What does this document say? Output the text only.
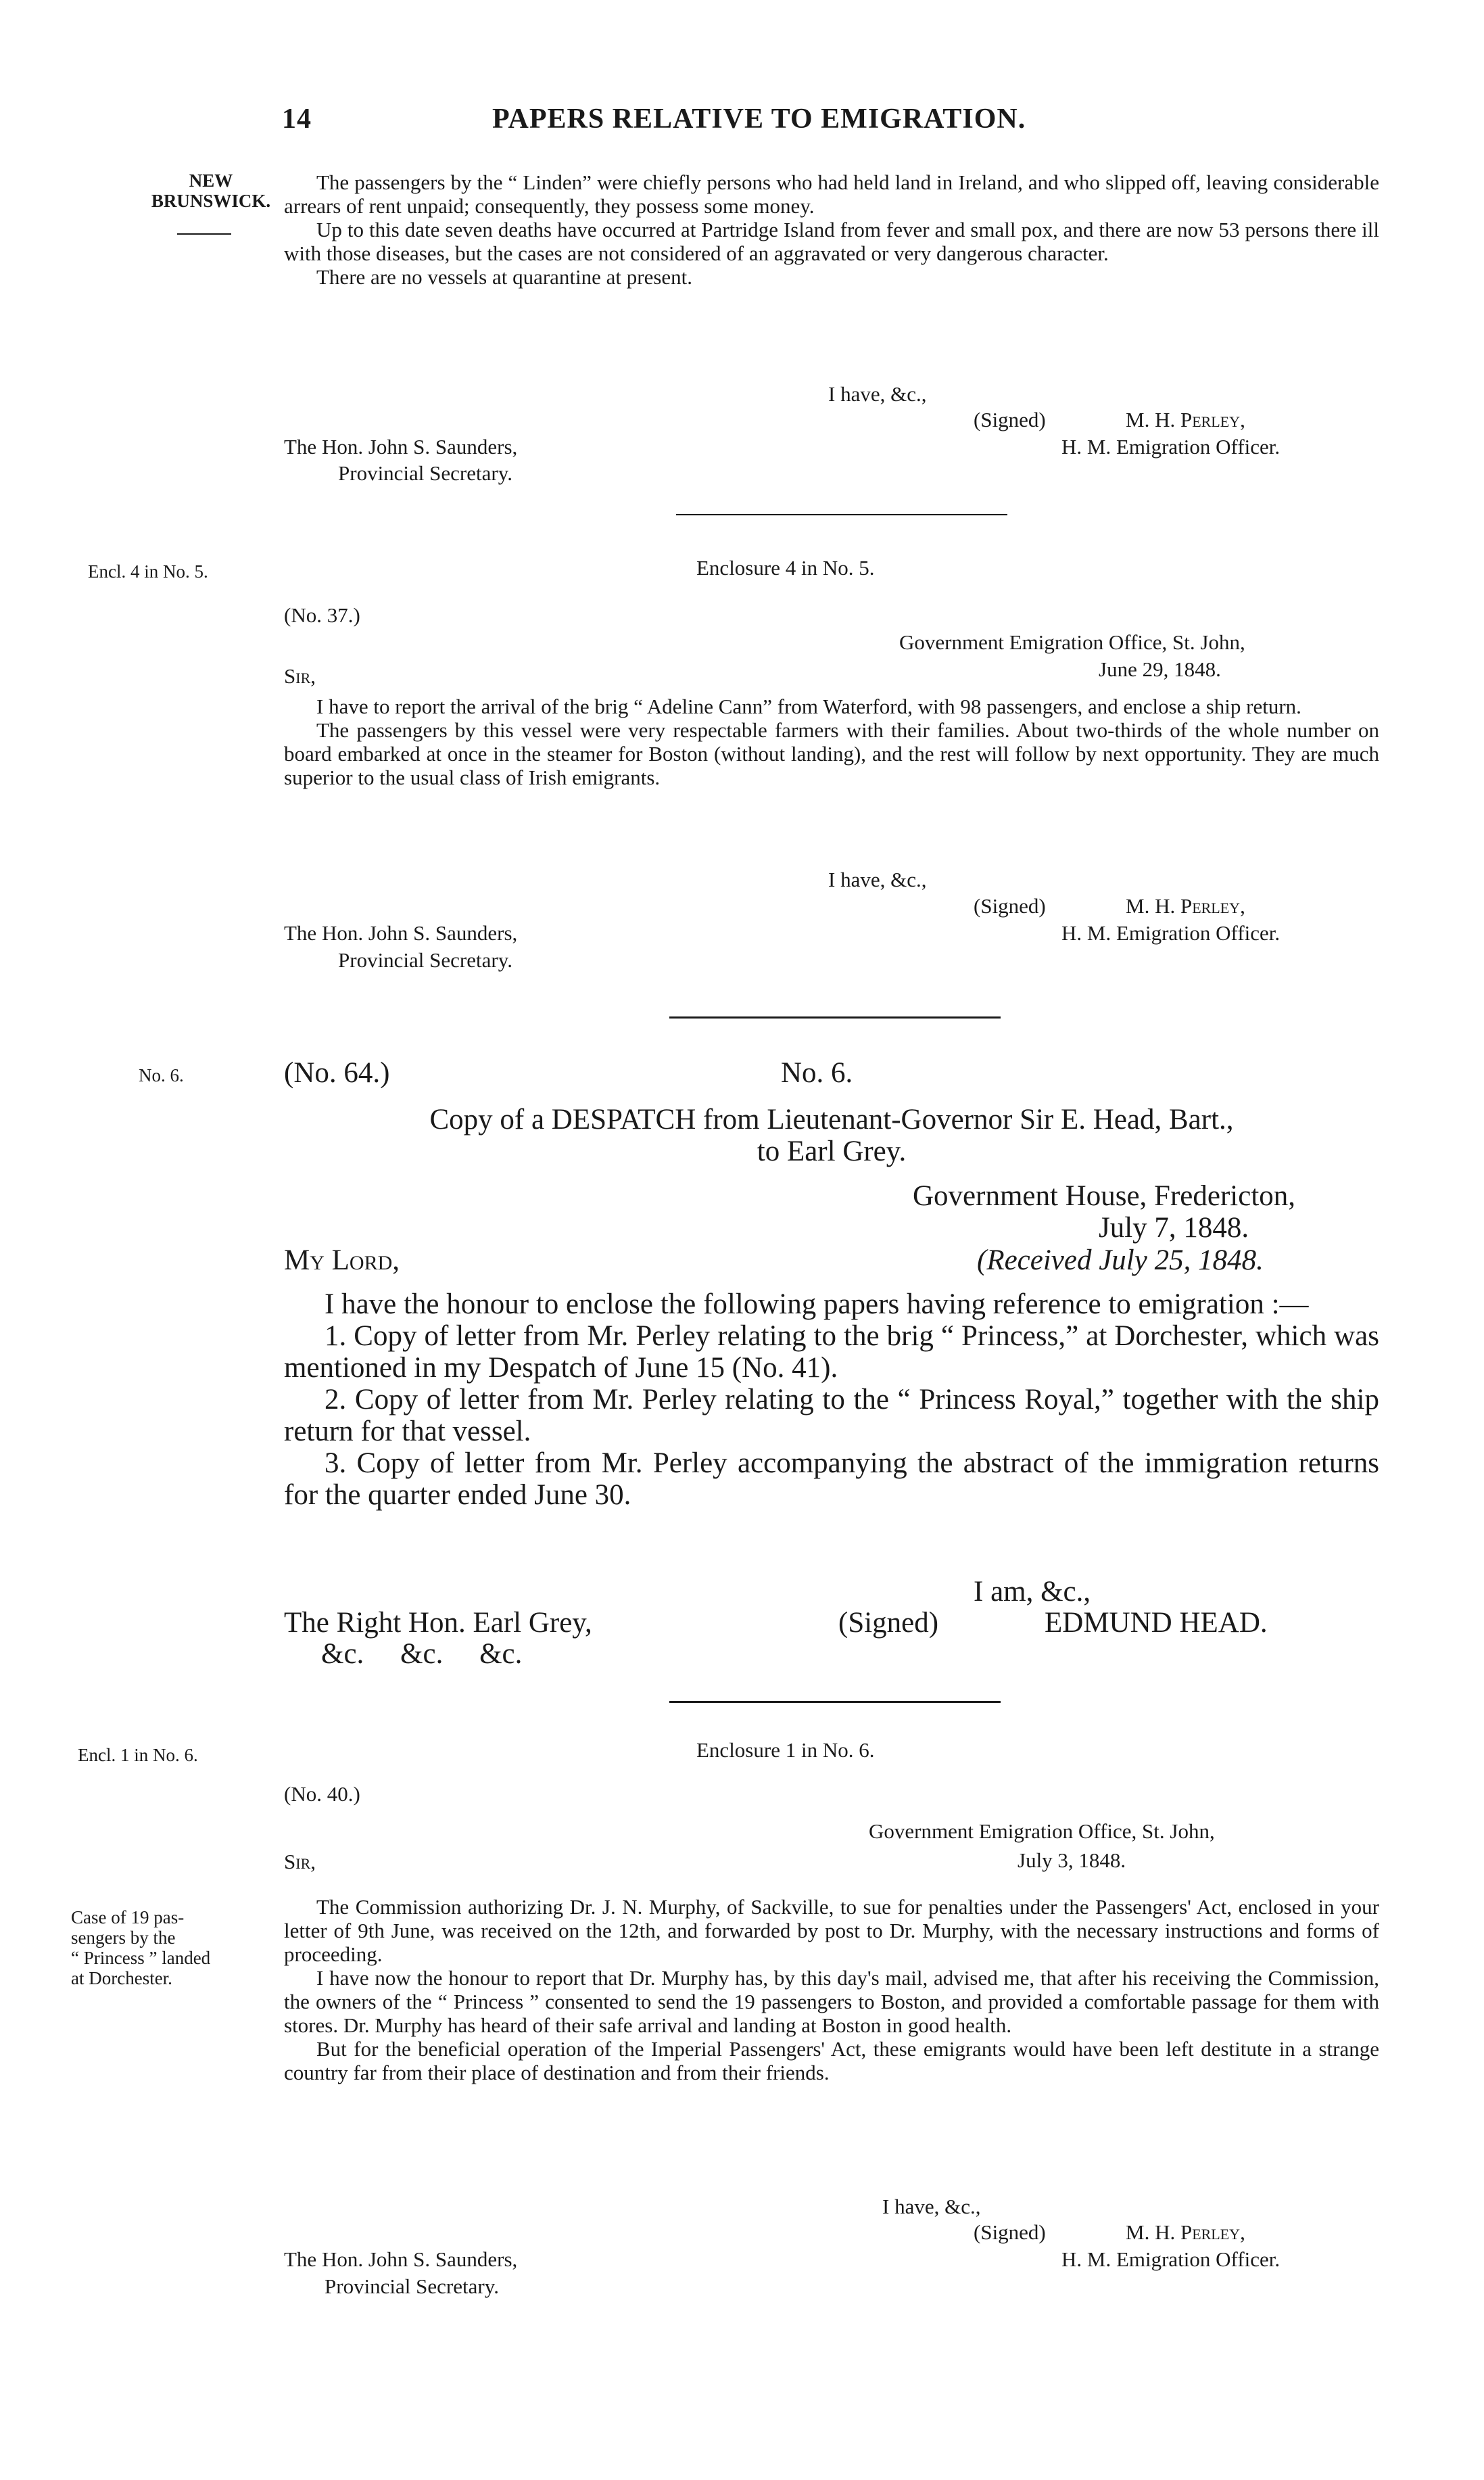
14	PAPERS RELATIVE TO EMIGRATION.
NEW
BRUNSWICK.
Encl. 4 in No. 5.
No. 6.
Encl. 1 in No. 6.
Case of 19 pas-
sengers by the
“ Princess ” landed
at Dorchester.

The passengers by the “ Linden” were chiefly persons who had held land in Ireland, and who slipped off, leaving considerable arrears of rent unpaid; consequently, they possess some money.

Up to this date seven deaths have occurred at Partridge Island from fever and small pox, and there are now 53 persons there ill with those diseases, but the cases are not considered of an aggravated or very dangerous character.

There are no vessels at quarantine at present.

I have, &c.,
(Signed)	M. H. Perley,
H. M. Emigration Officer.
The Hon. John S. Saunders,
Provincial Secretary.
Enclosure 4 in No. 5.
(No. 37.)
Government Emigration Office, St. John,
Sir,	June 29, 1848.

I have to report the arrival of the brig “ Adeline Cann” from Waterford, with 98 passengers, and enclose a ship return.

The passengers by this vessel were very respectable farmers with their families. About two-thirds of the whole number on board embarked at once in the steamer for Boston (without landing), and the rest will follow by next opportunity. They are much superior to the usual class of Irish emigrants.

I have, &c.,
(Signed)	M. H. Perley,
H. M. Emigration Officer.
The Hon. John S. Saunders,
Provincial Secretary.
(No. 64.)	No. 6.
Copy of a DESPATCH from Lieutenant-Governor Sir E. Head, Bart.,
to Earl Grey.
Government House, Fredericton,
July 7, 1848.
My Lord,	(Received July 25, 1848.

I have the honour to enclose the following papers having reference to emigration :—

1. Copy of letter from Mr. Perley relating to the brig “ Princess,” at Dorchester, which was mentioned in my Despatch of June 15 (No. 41).

2. Copy of letter from Mr. Perley relating to the “ Princess Royal,” together with the ship return for that vessel.

3. Copy of letter from Mr. Perley accompanying the abstract of the immigration returns for the quarter ended June 30.

I am, &c.,
The Right Hon. Earl Grey,	(Signed)	EDMUND HEAD.
&c.     &c.     &c.
Enclosure 1 in No. 6.
(No. 40.)
Government Emigration Office, St. John,
Sir,	July 3, 1848.

The Commission authorizing Dr. J. N. Murphy, of Sackville, to sue for penalties under the Passengers' Act, enclosed in your letter of 9th June, was received on the 12th, and forwarded by post to Dr. Murphy, with the necessary instructions and forms of proceeding.

I have now the honour to report that Dr. Murphy has, by this day's mail, advised me, that after his receiving the Commission, the owners of the “ Princess ” consented to send the 19 passengers to Boston, and provided a comfortable passage for them with stores. Dr. Murphy has heard of their safe arrival and landing at Boston in good health.

But for the beneficial operation of the Imperial Passengers' Act, these emigrants would have been left destitute in a strange country far from their place of destination and from their friends.

I have, &c.,
(Signed)	M. H. Perley,
H. M. Emigration Officer.
The Hon. John S. Saunders,
Provincial Secretary.
